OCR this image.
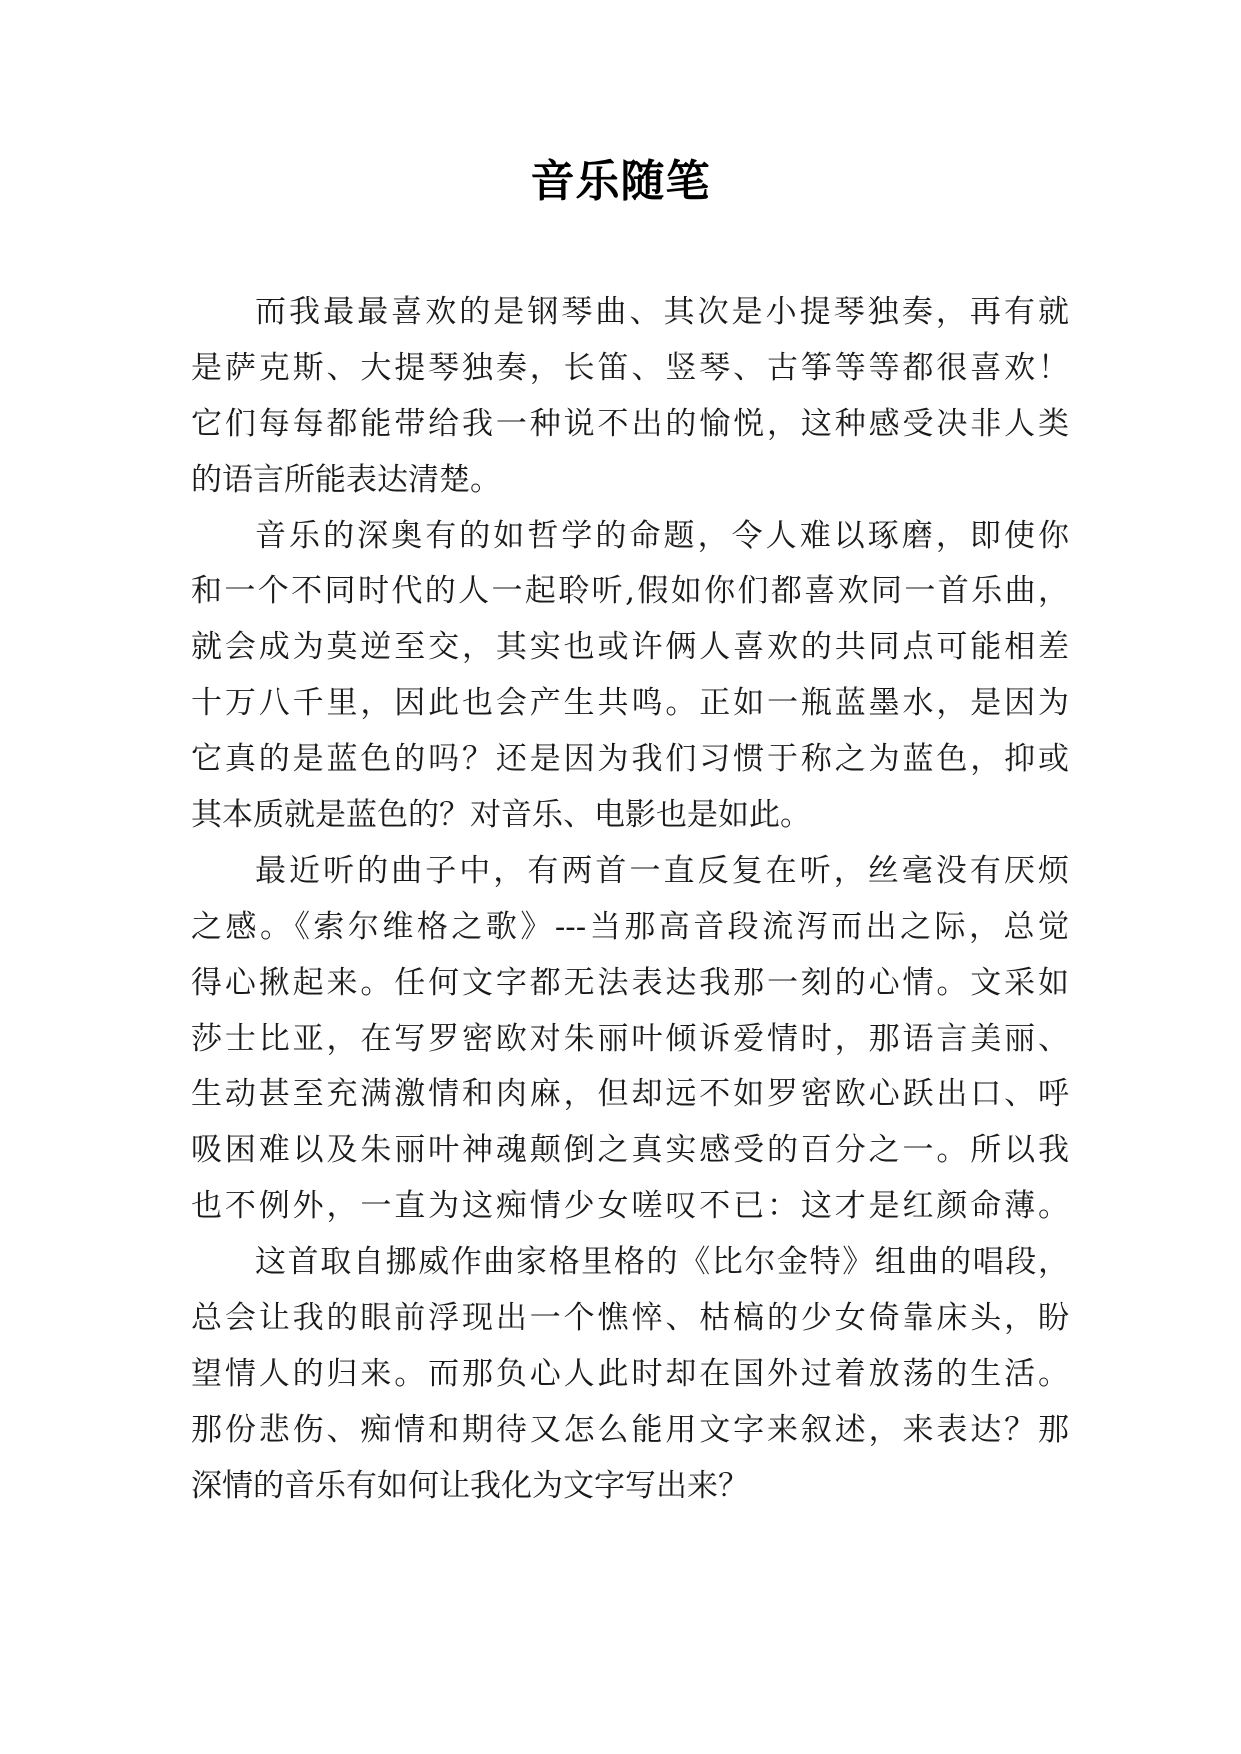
音乐随笔
而我最最喜欢的是钢琴曲、其次是小提琴独奏，再有就
是萨克斯、大提琴独奏，长笛、竖琴、古筝等等都很喜欢！
它们每每都能带给我一种说不出的愉悦，这种感受决非人类
的语言所能表达清楚。
音乐的深奥有的如哲学的命题，令人难以琢磨，即使你
和一个不同时代的人一起聆听,假如你们都喜欢同一首乐曲，
就会成为莫逆至交，其实也或许俩人喜欢的共同点可能相差
十万八千里，因此也会产生共鸣。正如一瓶蓝墨水，是因为
它真的是蓝色的吗？还是因为我们习惯于称之为蓝色，抑或
其本质就是蓝色的？对音乐、电影也是如此。
最近听的曲子中，有两首一直反复在听，丝毫没有厌烦
之感。《索尔维格之歌》---当那高音段流泻而出之际，总觉
得心揪起来。任何文字都无法表达我那一刻的心情。文采如
莎士比亚，在写罗密欧对朱丽叶倾诉爱情时，那语言美丽、
生动甚至充满激情和肉麻，但却远不如罗密欧心跃出口、呼
吸困难以及朱丽叶神魂颠倒之真实感受的百分之一。所以我
也不例外，一直为这痴情少女嗟叹不已：这才是红颜命薄。
这首取自挪威作曲家格里格的《比尔金特》组曲的唱段，
总会让我的眼前浮现出一个憔悴、枯槁的少女倚靠床头，盼
望情人的归来。而那负心人此时却在国外过着放荡的生活。
那份悲伤、痴情和期待又怎么能用文字来叙述，来表达？那
深情的音乐有如何让我化为文字写出来？
